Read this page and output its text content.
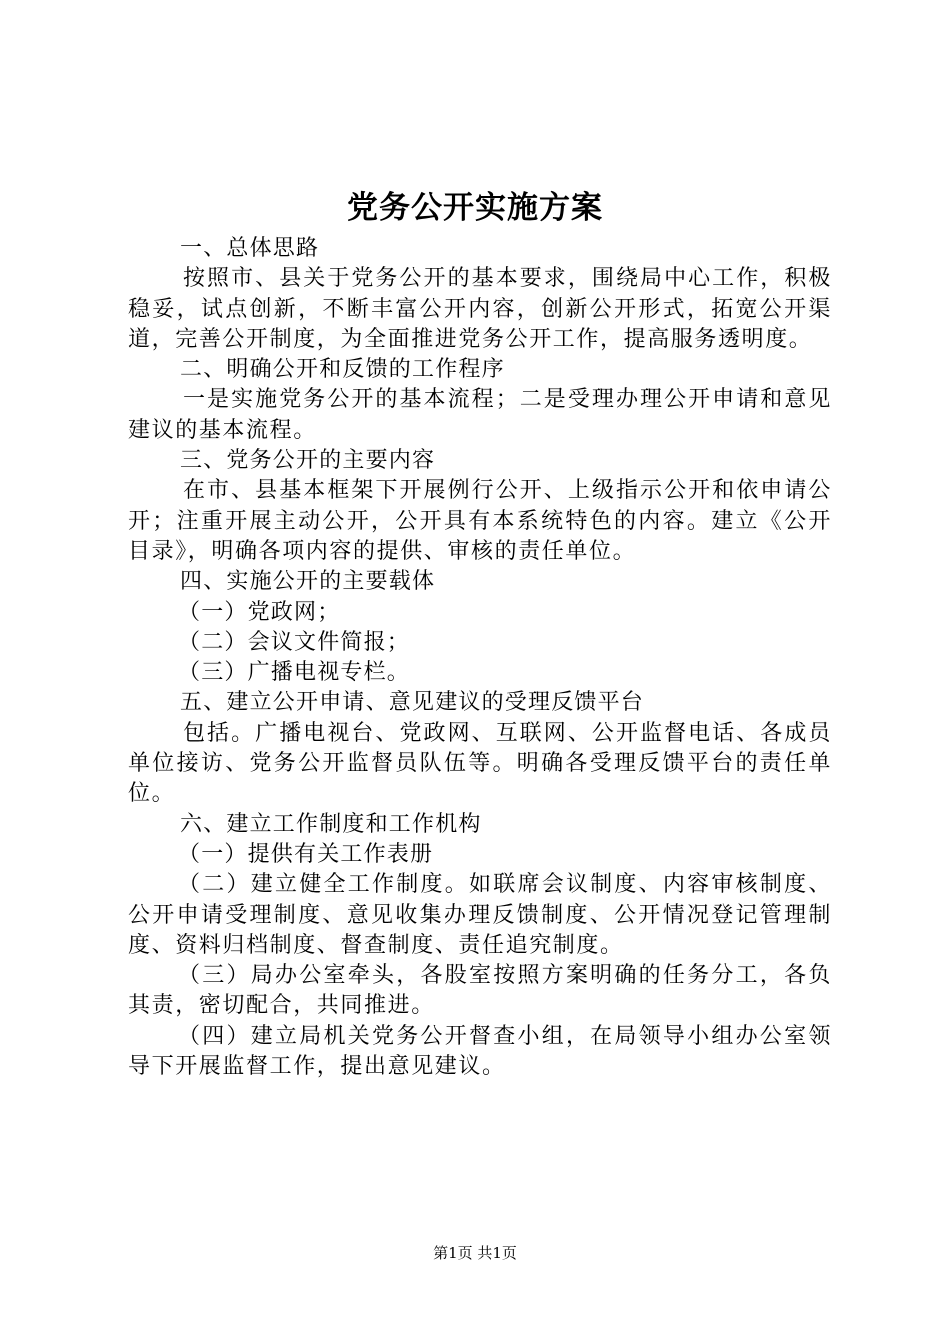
党务公开实施方案

一、总体思路

按照市、县关于党务公开的基本要求，围绕局中心工作，积极稳妥，试点创新，不断丰富公开内容，创新公开形式，拓宽公开渠道，完善公开制度，为全面推进党务公开工作，提高服务透明度。

二、明确公开和反馈的工作程序

一是实施党务公开的基本流程；二是受理办理公开申请和意见建议的基本流程。

三、党务公开的主要内容

在市、县基本框架下开展例行公开、上级指示公开和依申请公开；注重开展主动公开，公开具有本系统特色的内容。建立《公开目录》，明确各项内容的提供、审核的责任单位。

四、实施公开的主要载体

（一）党政网；

（二）会议文件简报；

（三）广播电视专栏。

五、建立公开申请、意见建议的受理反馈平台

包括。广播电视台、党政网、互联网、公开监督电话、各成员单位接访、党务公开监督员队伍等。明确各受理反馈平台的责任单位。

六、建立工作制度和工作机构

（一）提供有关工作表册

（二）建立健全工作制度。如联席会议制度、内容审核制度、公开申请受理制度、意见收集办理反馈制度、公开情况登记管理制度、资料归档制度、督查制度、责任追究制度。

（三）局办公室牵头，各股室按照方案明确的任务分工，各负其责，密切配合，共同推进。

（四）建立局机关党务公开督查小组，在局领导小组办公室领导下开展监督工作，提出意见建议。

第1页 共1页
